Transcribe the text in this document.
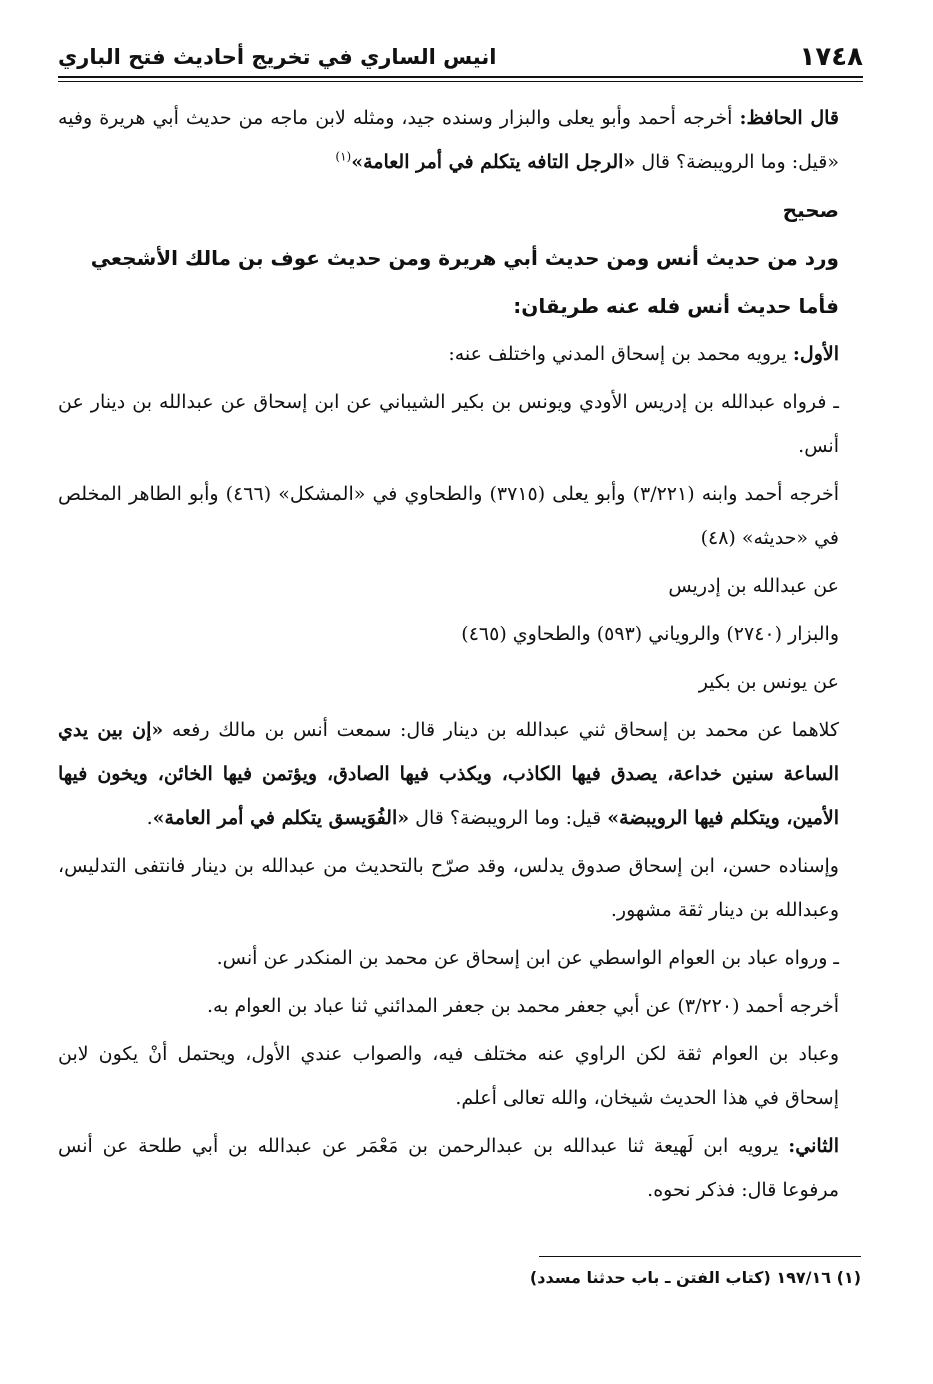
١٧٤٨
انيس الساري في تخريج أحاديث فتح الباري

قال الحافظ: أخرجه أحمد وأبو يعلى والبزار وسنده جيد، ومثله لابن ماجه من حديث أبي هريرة وفيه «قيل: وما الرويبضة؟ قال «الرجل التافه يتكلم في أمر العامة»$^{(١)}$

صحيح

ورد من حديث أنس ومن حديث أبي هريرة ومن حديث عوف بن مالك الأشجعي

فأما حديث أنس فله عنه طريقان:

الأول: يرويه محمد بن إسحاق المدني واختلف عنه:

ـ فرواه عبدالله بن إدريس الأودي ويونس بن بكير الشيباني عن ابن إسحاق عن عبدالله بن دينار عن أنس.

أخرجه أحمد وابنه (٣/٢٢١) وأبو يعلى (٣٧١٥) والطحاوي في «المشكل» (٤٦٦) وأبو الطاهر المخلص في «حديثه» (٤٨)

عن عبدالله بن إدريس

والبزار (٢٧٤٠) والروياني (٥٩٣) والطحاوي (٤٦٥)

عن يونس بن بكير

كلاهما عن محمد بن إسحاق ثني عبدالله بن دينار قال: سمعت أنس بن مالك رفعه «إن بين يدي الساعة سنين خداعة، يصدق فيها الكاذب، ويكذب فيها الصادق، ويؤتمن فيها الخائن، ويخون فيها الأمين، ويتكلم فيها الرويبضة» قيل: وما الرويبضة؟ قال «الفُوَيسق يتكلم في أمر العامة».

وإسناده حسن، ابن إسحاق صدوق يدلس، وقد صرّح بالتحديث من عبدالله بن دينار فانتفى التدليس، وعبدالله بن دينار ثقة مشهور.

ـ ورواه عباد بن العوام الواسطي عن ابن إسحاق عن محمد بن المنكدر عن أنس.

أخرجه أحمد (٣/٢٢٠) عن أبي جعفر محمد بن جعفر المدائني ثنا عباد بن العوام به.

وعباد بن العوام ثقة لكن الراوي عنه مختلف فيه، والصواب عندي الأول، ويحتمل أنْ يكون لابن إسحاق في هذا الحديث شيخان، والله تعالى أعلم.

الثاني: يرويه ابن لَهيعة ثنا عبدالله بن عبدالرحمن بن مَعْمَر عن عبدالله بن أبي طلحة عن أنس مرفوعا قال: فذكر نحوه.

(١) ١٩٧/١٦ (كتاب الفتن ـ باب حدثنا مسدد)
